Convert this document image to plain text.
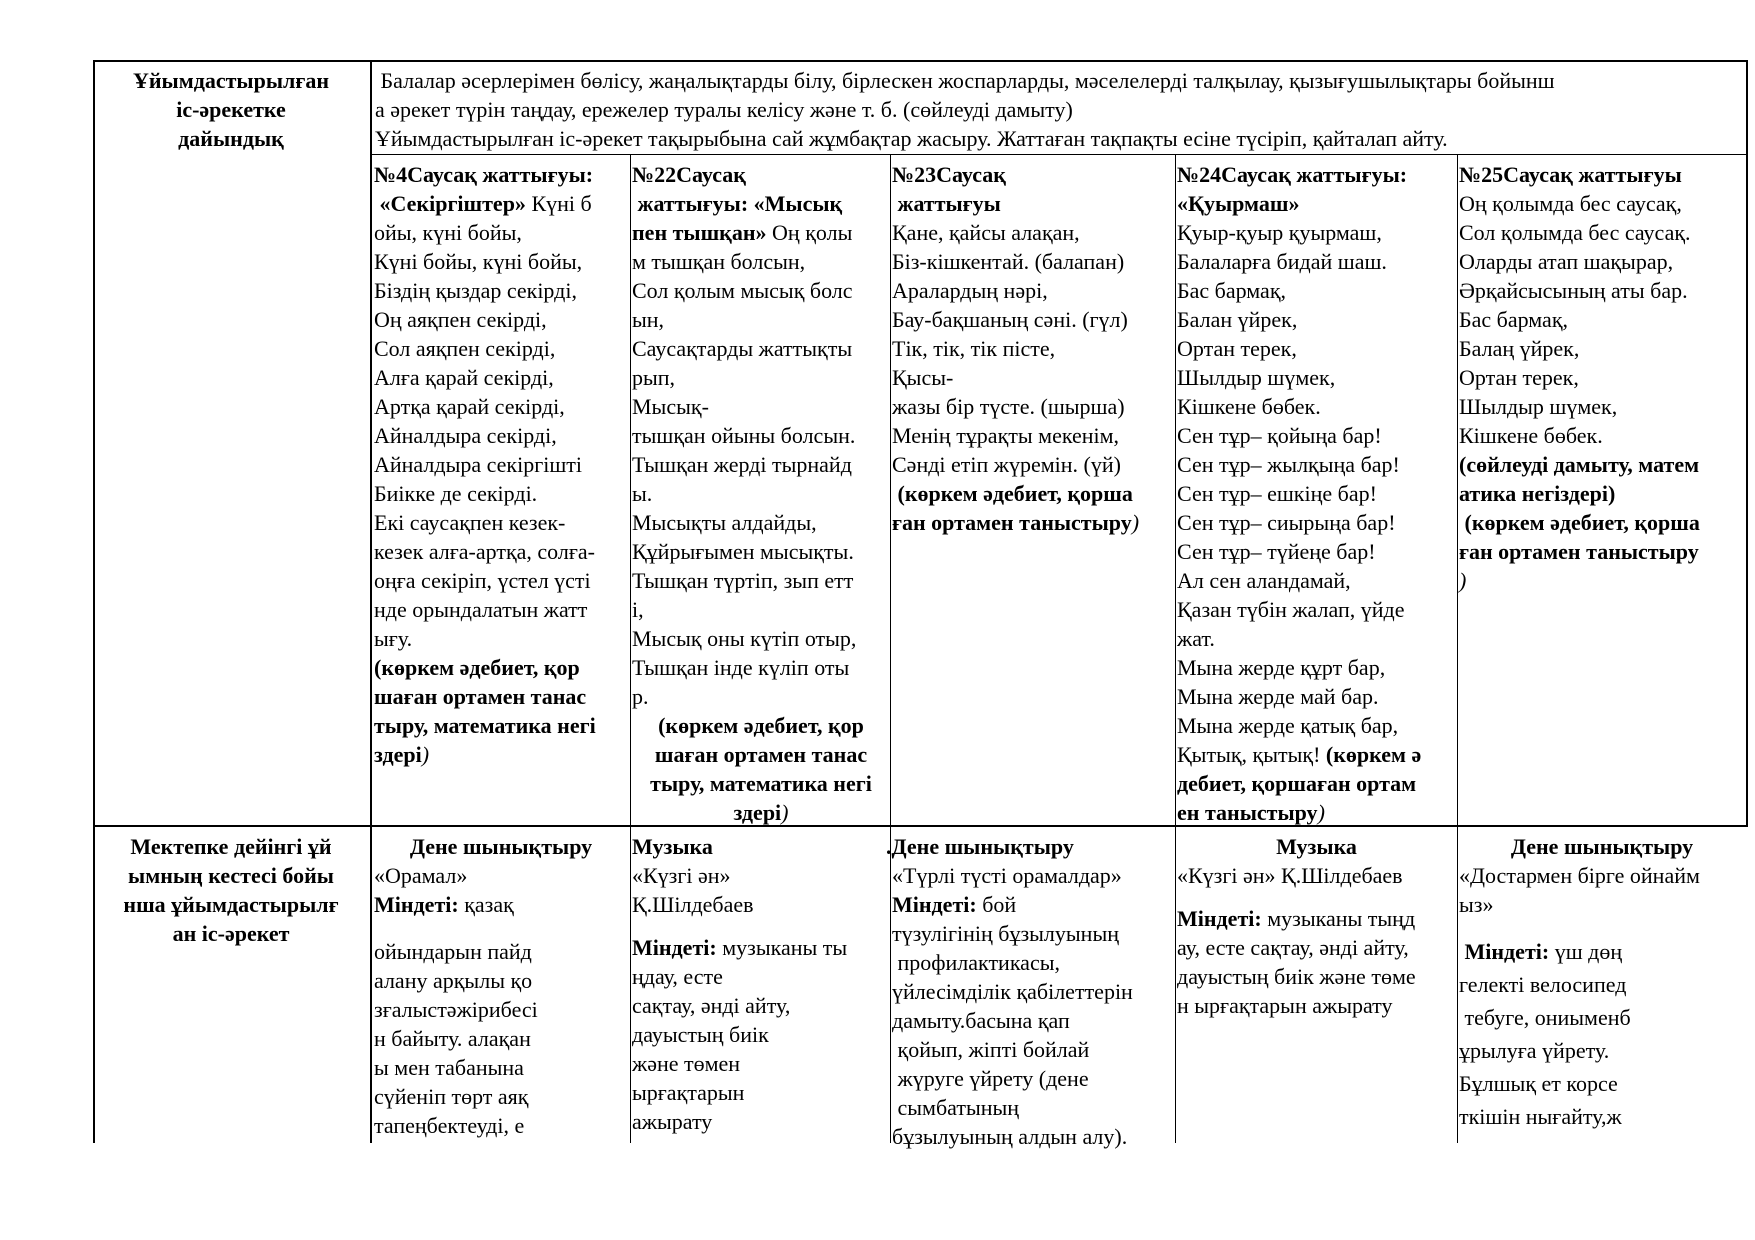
Ұйымдастырылған
іс-әрекетке
дайындық
Балалар әсерлерімен бөлісу, жаңалықтарды білу, бірлескен жоспарларды, мәселелерді талқылау, қызығушылықтары бойынш
а әрекет түрін таңдау, ережелер туралы келісу және т. б. (сөйлеуді дамыту)
Ұйымдастырылған іс-әрекет тақырыбына сай жұмбақтар жасыру. Жаттаған тақпақты есіне түсіріп, қайталап айту.
№4Саусақ жаттығуы:
«Секіргіштер» Күні б
ойы, күні бойы,
Күні бойы, күні бойы,
Біздің қыздар секірді,
Оң аяқпен секірді,
Сол аяқпен секірді,
Алға қарай секірді,
Артқа қарай секірді,
Айналдыра секірді,
Айналдыра секіргішті
Биікке де секірді.
Екі саусақпен кезек-
кезек алға-артқа, солға-
оңға секіріп, үстел үсті
нде орындалатын жатт
ығу.
(көркем әдебиет, қор
шаған ортамен танас
тыру, математика негі
здері)
№22Саусақ
жаттығуы: «Мысық
пен тышқан» Оң қолы
м тышқан болсын,
Сол қолым мысық болс
ын,
Саусақтарды жаттықты
рып,
Мысық-
тышқан ойыны болсын.
Тышқан жерді тырнайд
ы.
Мысықты алдайды,
Құйрығымен мысықты.
Тышқан түртіп, зып етт
і,
Мысық оны күтіп отыр,
Тышқан інде күліп оты
р.
(көркем әдебиет, қор
шаған ортамен танас
тыру, математика негі
здері)
№23Саусақ
жаттығуы
Қане, қайсы алақан,
Біз-кішкентай. (балапан)
Аралардың нәрі,
Бау-бақшаның сәні. (гүл)
Тік, тік, тік пісте,
Қысы-
жазы бір түсте. (шырша)
Менің тұрақты мекенім,
Сәнді етіп жүремін. (үй)
(көркем әдебиет, қорша
ған ортамен таныстыру)
№24Саусақ жаттығуы:
«Қуырмаш»
Қуыр-қуыр қуырмаш,
Балаларға бидай шаш.
Бас бармақ,
Балан үйрек,
Ортан терек,
Шылдыр шүмек,
Кішкене бөбек.
Сен тұр– қойыңа бар!
Сен тұр– жылқыңа бар!
Сен тұр– ешкіңе бар!
Сен тұр– сиырыңа бар!
Сен тұр– түйеңе бар!
Ал сен аландамай,
Қазан түбін жалап, үйде
жат.
Мына жерде құрт бар,
Мына жерде май бар.
Мына жерде қатық бар,
Қытық, қытық! (көркем ә
дебиет, қоршаған ортам
ен таныстыру)
№25Саусақ жаттығуы
Оң қолымда бес саусақ,
Сол қолымда бес саусақ.
Оларды атап шақырар,
Әрқайсысының аты бар.
Бас бармақ,
Балаң үйрек,
Ортан терек,
Шылдыр шүмек,
Кішкене бөбек.
(сөйлеуді дамыту, матем
атика негіздері)
(көркем әдебиет, қорша
ған ортамен таныстыру
)
Мектепке дейінгі ұй
ымның кестесі бойы
нша ұйымдастырылғ
ан іс-әрекет
Дене шынықтыру
«Орамал»
Міндеті: қазақ
ойындарын пайд
алану арқылы қо
зғалыстәжірибесі
н байыту. алақан
ы мен табанына
сүйеніп төрт аяқ
тапеңбектеуді, е
Музыка
«Күзгі ән»
Қ.Шілдебаев
Міндеті: музыканы ты
ңдау, есте
сақтау, әнді айту,
дауыстың биік
және төмен
ырғақтарын
ажырату
.Дене шынықтыру
«Түрлі түсті орамалдар»
Міндеті: бой
түзулігінің бұзылуының
профилактикасы,
үйлесімділік қабілеттерін
дамыту.басына қап
қойып, жіпті бойлай
жүруге үйрету (дене
сымбатының
бұзылуының алдын алу).
Музыка
«Күзгі ән» Қ.Шілдебаев
Міндеті: музыканы тыңд
ау, есте сақтау, әнді айту,
дауыстың биік және төме
н ырғақтарын ажырату
Дене шынықтыру
«Достармен бірге ойнайм
ыз»
Міндеті: үш дөң
гелекті велосипед
тебуге, ониыменб
ұрылуға үйрету.
Бұлшық ет корсе
ткішін нығайту,ж
